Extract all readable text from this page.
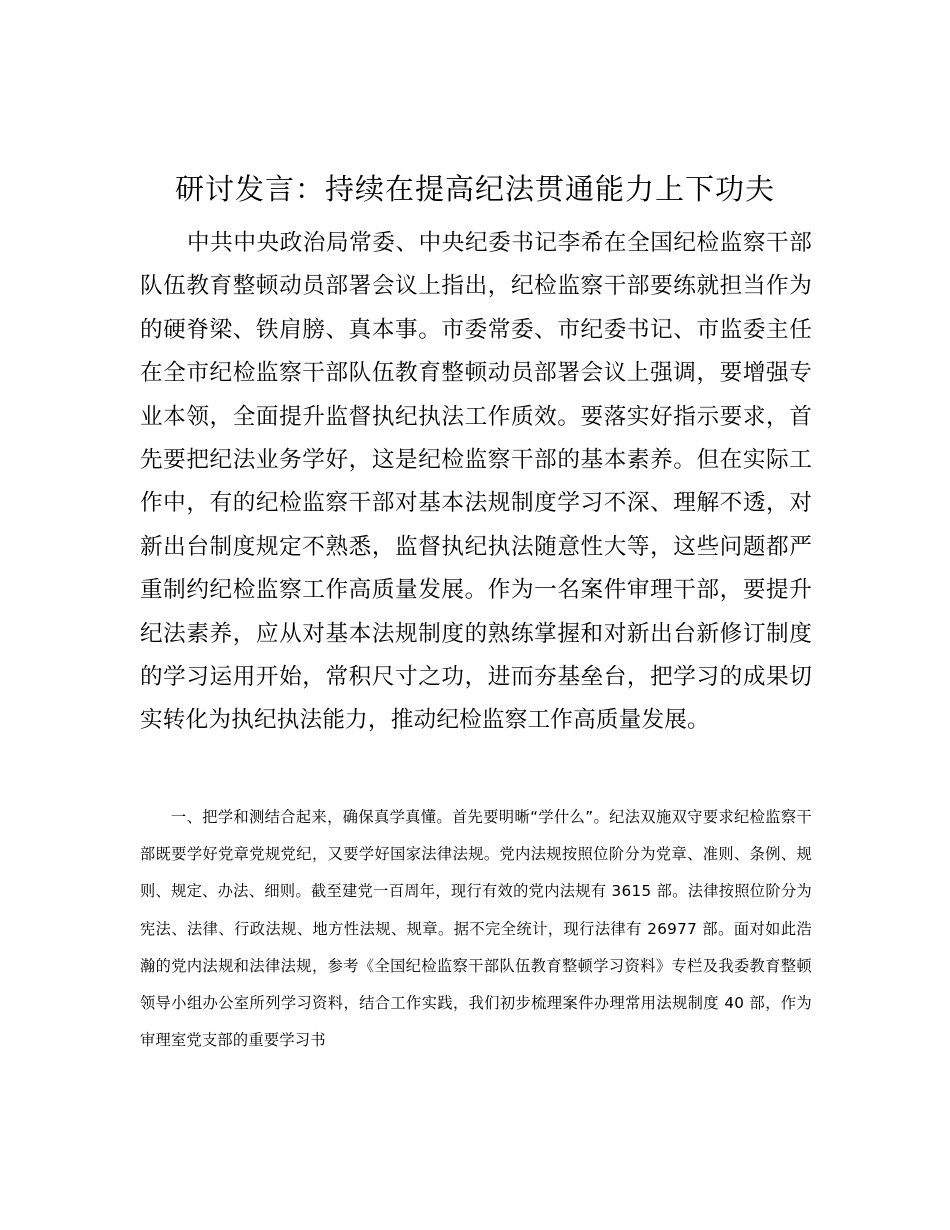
研讨发言：持续在提高纪法贯通能力上下功夫

中共中央政治局常委、中央纪委书记李希在全国纪检监察干部队伍教育整顿动员部署会议上指出，纪检监察干部要练就担当作为的硬脊梁、铁肩膀、真本事。市委常委、市纪委书记、市监委主任在全市纪检监察干部队伍教育整顿动员部署会议上强调，要增强专业本领，全面提升监督执纪执法工作质效。要落实好指示要求，首先要把纪法业务学好，这是纪检监察干部的基本素养。但在实际工作中，有的纪检监察干部对基本法规制度学习不深、理解不透，对新出台制度规定不熟悉，监督执纪执法随意性大等，这些问题都严重制约纪检监察工作高质量发展。作为一名案件审理干部，要提升纪法素养，应从对基本法规制度的熟练掌握和对新出台新修订制度的学习运用开始，常积尺寸之功，进而夯基垒台，把学习的成果切实转化为执纪执法能力，推动纪检监察工作高质量发展。

一、把学和测结合起来，确保真学真懂。首先要明晰“学什么”。纪法双施双守要求纪检监察干部既要学好党章党规党纪，又要学好国家法律法规。党内法规按照位阶分为党章、准则、条例、规则、规定、办法、细则。截至建党一百周年，现行有效的党内法规有 3615 部。法律按照位阶分为宪法、法律、行政法规、地方性法规、规章。据不完全统计，现行法律有 26977 部。面对如此浩瀚的党内法规和法律法规，参考《全国纪检监察干部队伍教育整顿学习资料》专栏及我委教育整顿领导小组办公室所列学习资料，结合工作实践，我们初步梳理案件办理常用法规制度 40 部，作为审理室党支部的重要学习书
